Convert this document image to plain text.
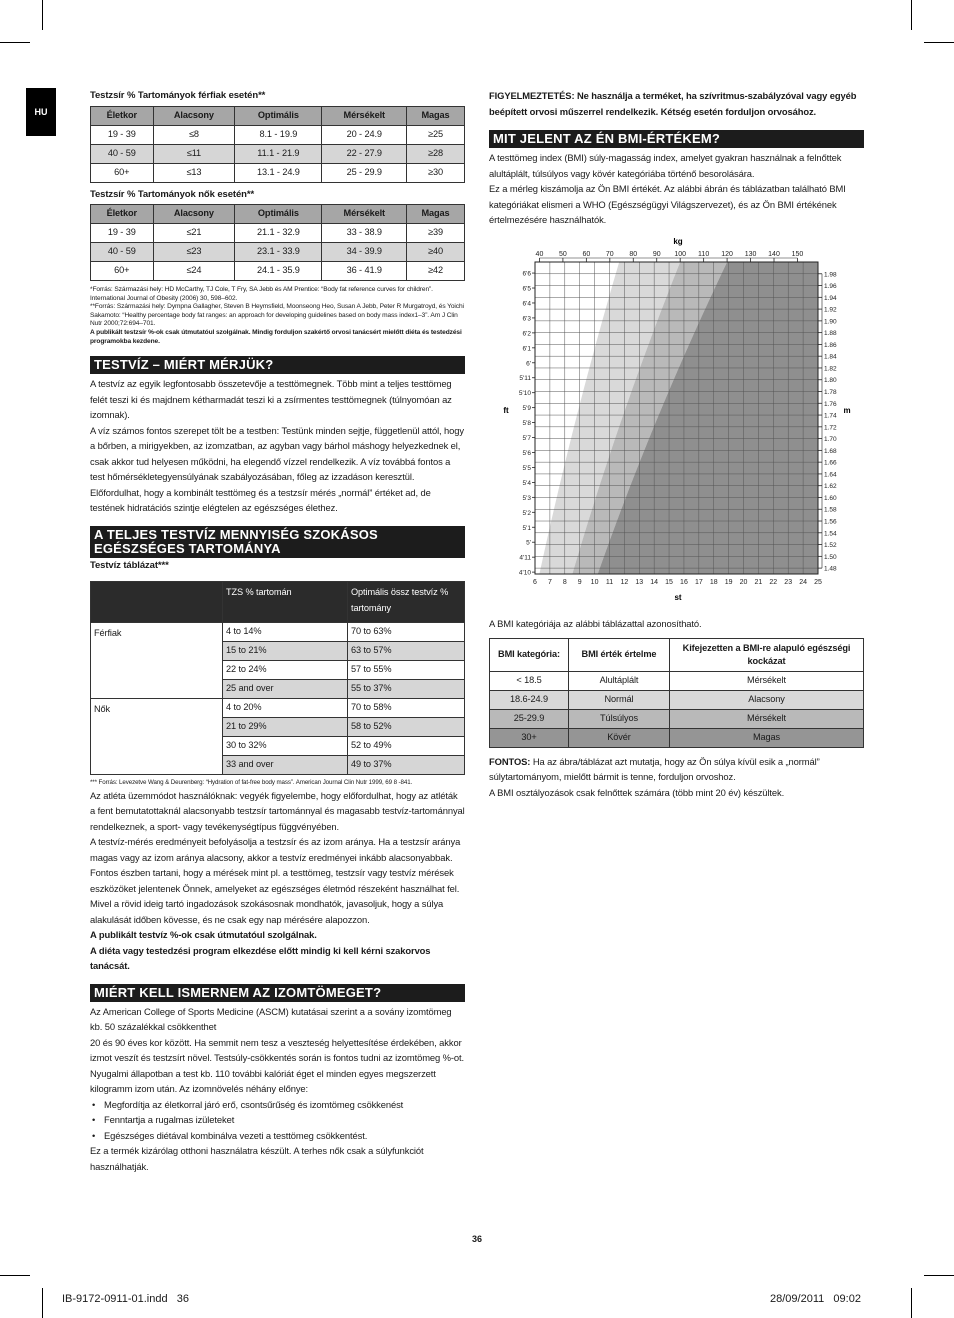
HU

Testzsír % Tartományok férfiak esetén**

Életkor	Alacsony	Optimális	Mérsékelt	Magas
19 - 39	≤8	8.1 - 19.9	20 - 24.9	≥25
40 - 59	≤11	11.1 - 21.9	22 - 27.9	≥28
60+	≤13	13.1 - 24.9	25 - 29.9	≥30

Testzsír % Tartományok nők esetén**

Életkor	Alacsony	Optimális	Mérsékelt	Magas
19 - 39	≤21	21.1 - 32.9	33 - 38.9	≥39
40 - 59	≤23	23.1 - 33.9	34 - 39.9	≥40
60+	≤24	24.1 - 35.9	36 - 41.9	≥42

*Forrás: Származási hely: HD McCarthy, TJ Cole, T Fry, SA Jebb és AM Prentice: “Body fat reference curves for children”. International Journal of Obesity (2006) 30, 598–602.

**Forrás: Származási hely: Dympna Gallagher, Steven B Heymsfield, Moonseong Heo, Susan A Jebb, Peter R Murgatroyd, és Yoichi Sakamoto: “Healthy percentage body fat ranges: an approach for developing guidelines based on body mass index1–3”. Am J Clin Nutr 2000;72:694–701.

A publikált testzsír %-ok csak útmutatóul szolgálnak. Mindig forduljon szakértő orvosi tanácsért mielőtt diéta és testedzési programokba kezdene.

TESTVÍZ – MIÉRT MÉRJÜK?

A testvíz az egyik legfontosabb összetevője a testtömegnek. Több mint a teljes testtömeg felét teszi ki és majdnem kétharmadát teszi ki a zsírmentes testtömegnek (túlnyomóan az izomnak).

A víz számos fontos szerepet tölt be a testben: Testünk minden sejtje, függetlenül attól, hogy a bőrben, a mirigyekben, az izomzatban, az agyban vagy bárhol máshogy helyezkednek el, csak akkor tud helyesen működni, ha elegendő vízzel rendelkezik. A víz továbbá fontos a test hőmérsékletegyensúlyának szabályozásában, főleg az izzadáson keresztül. Előfordulhat, hogy a kombinált testtömeg és a testzsír mérés „normál” értéket ad, de testének hidratációs szintje elégtelen az egészséges élethez.

A TELJES TESTVÍZ MENNYISÉG SZOKÁSOS
EGÉSZSÉGES TARTOMÁNYA

Testvíz táblázat***

	TZS % tartomán	Optimális össz testvíz % tartomány
Férfiak	4 to 14%	70 to 63%
	15 to 21%	63 to 57%
	22 to 24%	57 to 55%
	25 and over	55 to 37%
Nők	4 to 20%	70 to 58%
	21 to 29%	58 to 52%
	30 to 32%	52 to 49%
	33 and over	49 to 37%

*** Forrás: Levezetve Wang & Deurenberg: “Hydration of fat-free body mass”. American Journal Clin Nutr 1999, 69 8 -841.

Az atléta üzemmódot használóknak: vegyék figyelembe, hogy előfordulhat, hogy az atléták a fent bemutatottaknál alacsonyabb testzsír tartománnyal és magasabb testvíz-tartománnyal rendelkeznek, a sport- vagy tevékenységtípus függvényében.

A testvíz-mérés eredményeit befolyásolja a testzsír és az izom aránya. Ha a testzsír aránya magas vagy az izom aránya alacsony, akkor a testvíz eredményei inkább alacsonyabbak.

Fontos észben tartani, hogy a mérések mint pl. a testtömeg, testzsír vagy testvíz mérések eszközöket jelentenek Önnek, amelyeket az egészséges életmód részeként használhat fel. Mivel a rövid ideig tartó ingadozások szokásosnak mondhatók, javasoljuk, hogy a súlya alakulását időben kövesse, és ne csak egy nap mérésére alapozzon.

A publikált testvíz %-ok csak útmutatóul szolgálnak.

A diéta vagy testedzési program elkezdése előtt mindig ki kell kérni szakorvos tanácsát.

MIÉRT KELL ISMERNEM AZ IZOMTÖMEGET?

Az American College of Sports Medicine (ASCM) kutatásai szerint a a sovány izomtömeg kb. 50 százalékkal csökkenthet

20 és 90 éves kor között. Ha semmit nem tesz a veszteség helyettesítése érdekében, akkor izmot veszít és testzsírt növel. Testsúly-csökkentés során is fontos tudni az izomtömeg %-ot. Nyugalmi állapotban a test kb. 110 további kalóriát éget el minden egyes megszerzett kilogramm izom után. Az izomnövelés néhány előnye:

• Megfordítja az életkorral járó erő, csontsűrűség és izomtömeg csökkenést
• Fenntartja a rugalmas izületeket
• Egészséges diétával kombinálva vezeti a testtömeg csökkentést.

Ez a termék kizárólag otthoni használatra készült. A terhes nők csak a súlyfunkciót használhatják.

FIGYELMEZTETÉS: Ne használja a terméket, ha szívritmus-szabályzóval vagy egyéb beépített orvosi műszerrel rendelkezik. Kétség esetén forduljon orvosához.

MIT JELENT AZ ÉN BMI-ÉRTÉKEM?

A testtömeg index (BMI) súly-magasság index, amelyet gyakran használnak a felnőttek alultáplált, túlsúlyos vagy kövér kategóriába történő besorolására.

Ez a mérleg kiszámolja az Ön BMI értékét. Az alábbi ábrán és táblázatban található BMI kategóriákat elismeri a WHO (Egészségügyi Világszervezet), és az Ön BMI értékének értelmezésére használhatók.

40 50 60 70 80 90 100 110 120 130 140 150
6 7 8 9 10 11 12 13 14 15 16 17 18 19 20 21 22 23 24 25
6'6
6'5
6'4
6'3
6'2
6'1
6'
5'11
5'10
5'9
5'8
5'7
5'6
5'5
5'4
5'3
5'2
5'1
5'
4'11
4'10
1.98
1.96
1.94
1.92
1.90
1.88
1.86
1.84
1.82
1.80
1.78
1.76
1.74
1.72
1.70
1.68
1.66
1.64
1.62
1.60
1.58
1.56
1.54
1.52
1.50
1.48
kg
st
ft	m

A BMI kategóriája az alábbi táblázattal azonosítható.

BMI kategória:	BMI érték értelme	Kifejezetten a BMI-re alapuló egészségi kockázat
< 18.5	Alultáplált	Mérsékelt
18.6-24.9	Normál	Alacsony
25-29.9	Túlsúlyos	Mérsékelt
30+	Kövér	Magas

FONTOS: Ha az ábra/táblázat azt mutatja, hogy az Ön súlya kívül esik a „normál” súlytartományom, mielőtt bármit is tenne, forduljon orvoshoz.

A BMI osztályozások csak felnőttek számára (több mint 20 év) készültek.

36
IB-9172-0911-01.indd   36	28/09/2011   09:02
